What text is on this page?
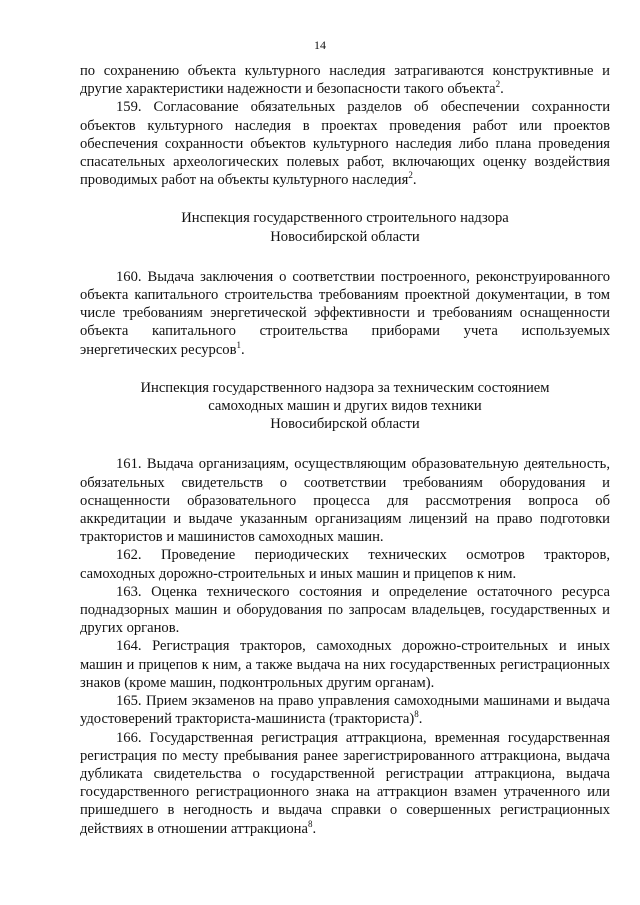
14

по сохранению объекта культурного наследия затрагиваются конструктивные и другие характеристики надежности и безопасности такого объекта$^2$.

159. Согласование обязательных разделов об обеспечении сохранности объектов культурного наследия в проектах проведения работ или проектов обеспечения сохранности объектов культурного наследия либо плана проведения спасательных археологических полевых работ, включающих оценку воздействия проводимых работ на объекты культурного наследия$^2$.

Инспекция государственного строительного надзора
Новосибирской области

160. Выдача заключения о соответствии построенного, реконструированного объекта капитального строительства требованиям проектной документации, в том числе требованиям энергетической эффективности и требованиям оснащенности объекта капитального строительства приборами учета используемых энергетических ресурсов$^1$.

Инспекция государственного надзора за техническим состоянием
самоходных машин и других видов техники
Новосибирской области

161. Выдача организациям, осуществляющим образовательную деятельность, обязательных свидетельств о соответствии требованиям оборудования и оснащенности образовательного процесса для рассмотрения вопроса об аккредитации и выдаче указанным организациям лицензий на право подготовки трактористов и машинистов самоходных машин.

162. Проведение периодических технических осмотров тракторов, самоходных дорожно-строительных и иных машин и прицепов к ним.

163. Оценка технического состояния и определение остаточного ресурса поднадзорных машин и оборудования по запросам владельцев, государственных и других органов.

164. Регистрация тракторов, самоходных дорожно-строительных и иных машин и прицепов к ним, а также выдача на них государственных регистрационных знаков (кроме машин, подконтрольных другим органам).

165. Прием экзаменов на право управления самоходными машинами и выдача удостоверений тракториста-машиниста (тракториста)$^8$.

166. Государственная регистрация аттракциона, временная государственная регистрация по месту пребывания ранее зарегистрированного аттракциона, выдача дубликата свидетельства о государственной регистрации аттракциона, выдача государственного регистрационного знака на аттракцион взамен утраченного или пришедшего в негодность и выдача справки о совершенных регистрационных действиях в отношении аттракциона$^8$.
